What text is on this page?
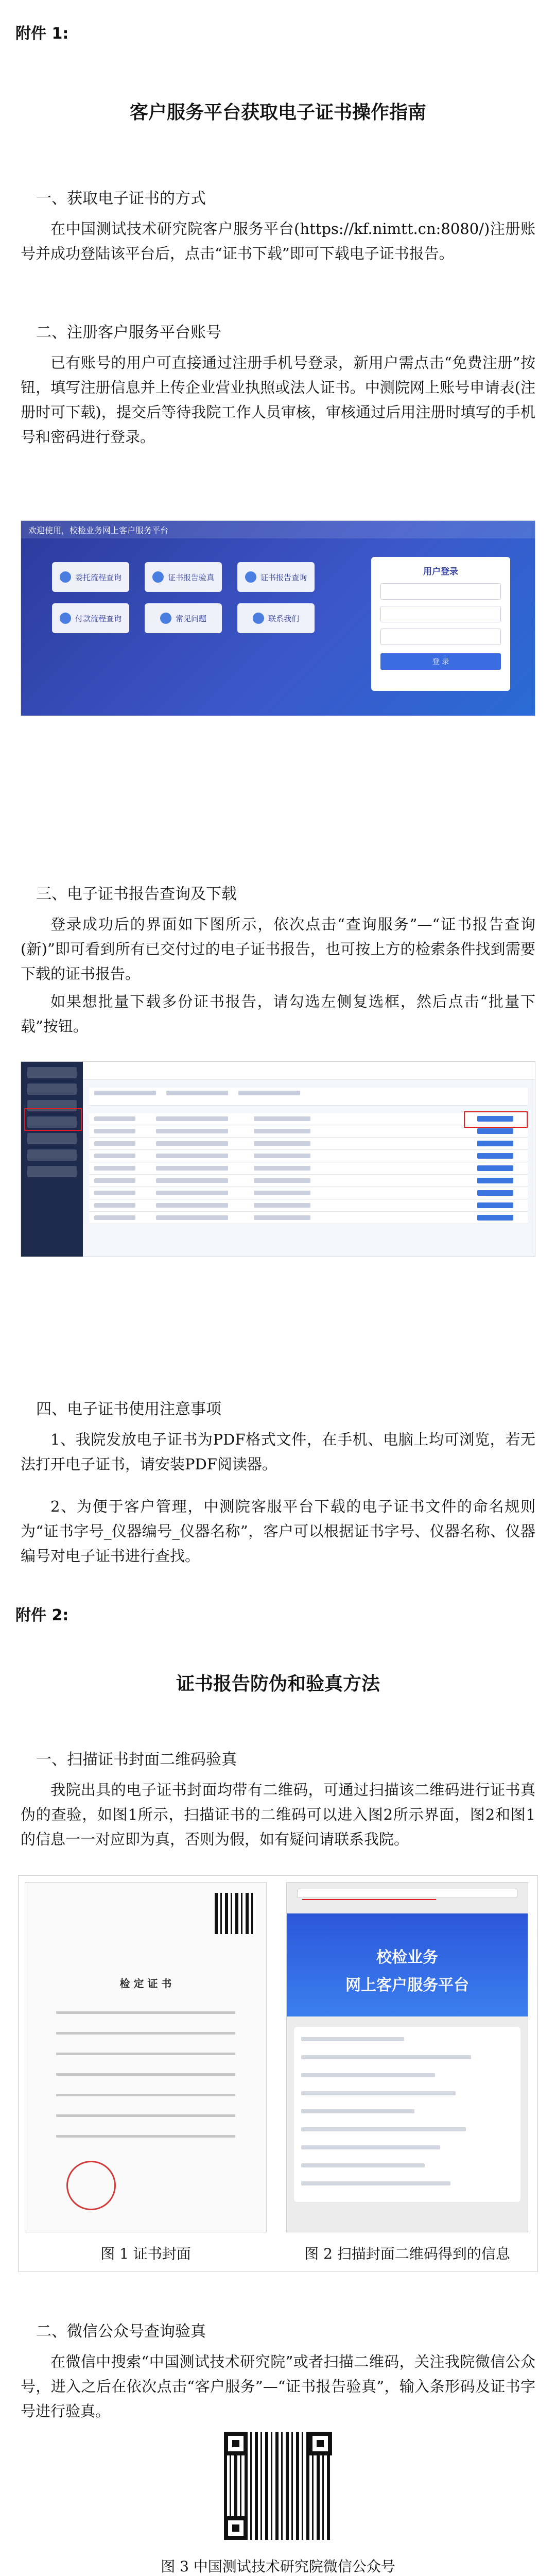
附件 1:
客户服务平台获取电子证书操作指南
一、获取电子证书的方式
在中国测试技术研究院客户服务平台(https://kf.nimtt.cn:8080/)注册账号并成功登陆该平台后，点击“证书下载”即可下载电子证书报告。
二、注册客户服务平台账号
已有账号的用户可直接通过注册手机号登录，新用户需点击“免费注册”按钮，填写注册信息并上传企业营业执照或法人证书。中测院网上账号申请表(注册时可下载)，提交后等待我院工作人员审核，审核通过后用注册时填写的手机号和密码进行登录。
欢迎使用，校检业务网上客户服务平台
委托流程查询	证书报告验真	证书报告查询
付款流程查询	常见问题	联系我们
用户登录
登 录
三、电子证书报告查询及下载
登录成功后的界面如下图所示，依次点击“查询服务”—“证书报告查询(新)”即可看到所有已交付过的电子证书报告，也可按上方的检索条件找到需要下载的证书报告。
如果想批量下载多份证书报告，请勾选左侧复选框，然后点击“批量下载”按钮。
四、电子证书使用注意事项
1、我院发放电子证书为PDF格式文件，在手机、电脑上均可浏览，若无法打开电子证书，请安装PDF阅读器。
2、为便于客户管理，中测院客服平台下载的电子证书文件的命名规则为“证书字号_仪器编号_仪器名称”，客户可以根据证书字号、仪器名称、仪器编号对电子证书进行查找。
附件 2:
证书报告防伪和验真方法
一、扫描证书封面二维码验真
我院出具的电子证书封面均带有二维码，可通过扫描该二维码进行证书真伪的查验，如图1所示，扫描证书的二维码可以进入图2所示界面，图2和图1的信息一一对应即为真，否则为假，如有疑问请联系我院。
检 定 证 书
校检业务
网上客户服务平台
图 1 证书封面	图 2 扫描封面二维码得到的信息
二、微信公众号查询验真
在微信中搜索“中国测试技术研究院”或者扫描二维码，关注我院微信公众号，进入之后在依次点击“客户服务”—“证书报告验真”，输入条形码及证书字号进行验真。
图 3 中国测试技术研究院微信公众号
